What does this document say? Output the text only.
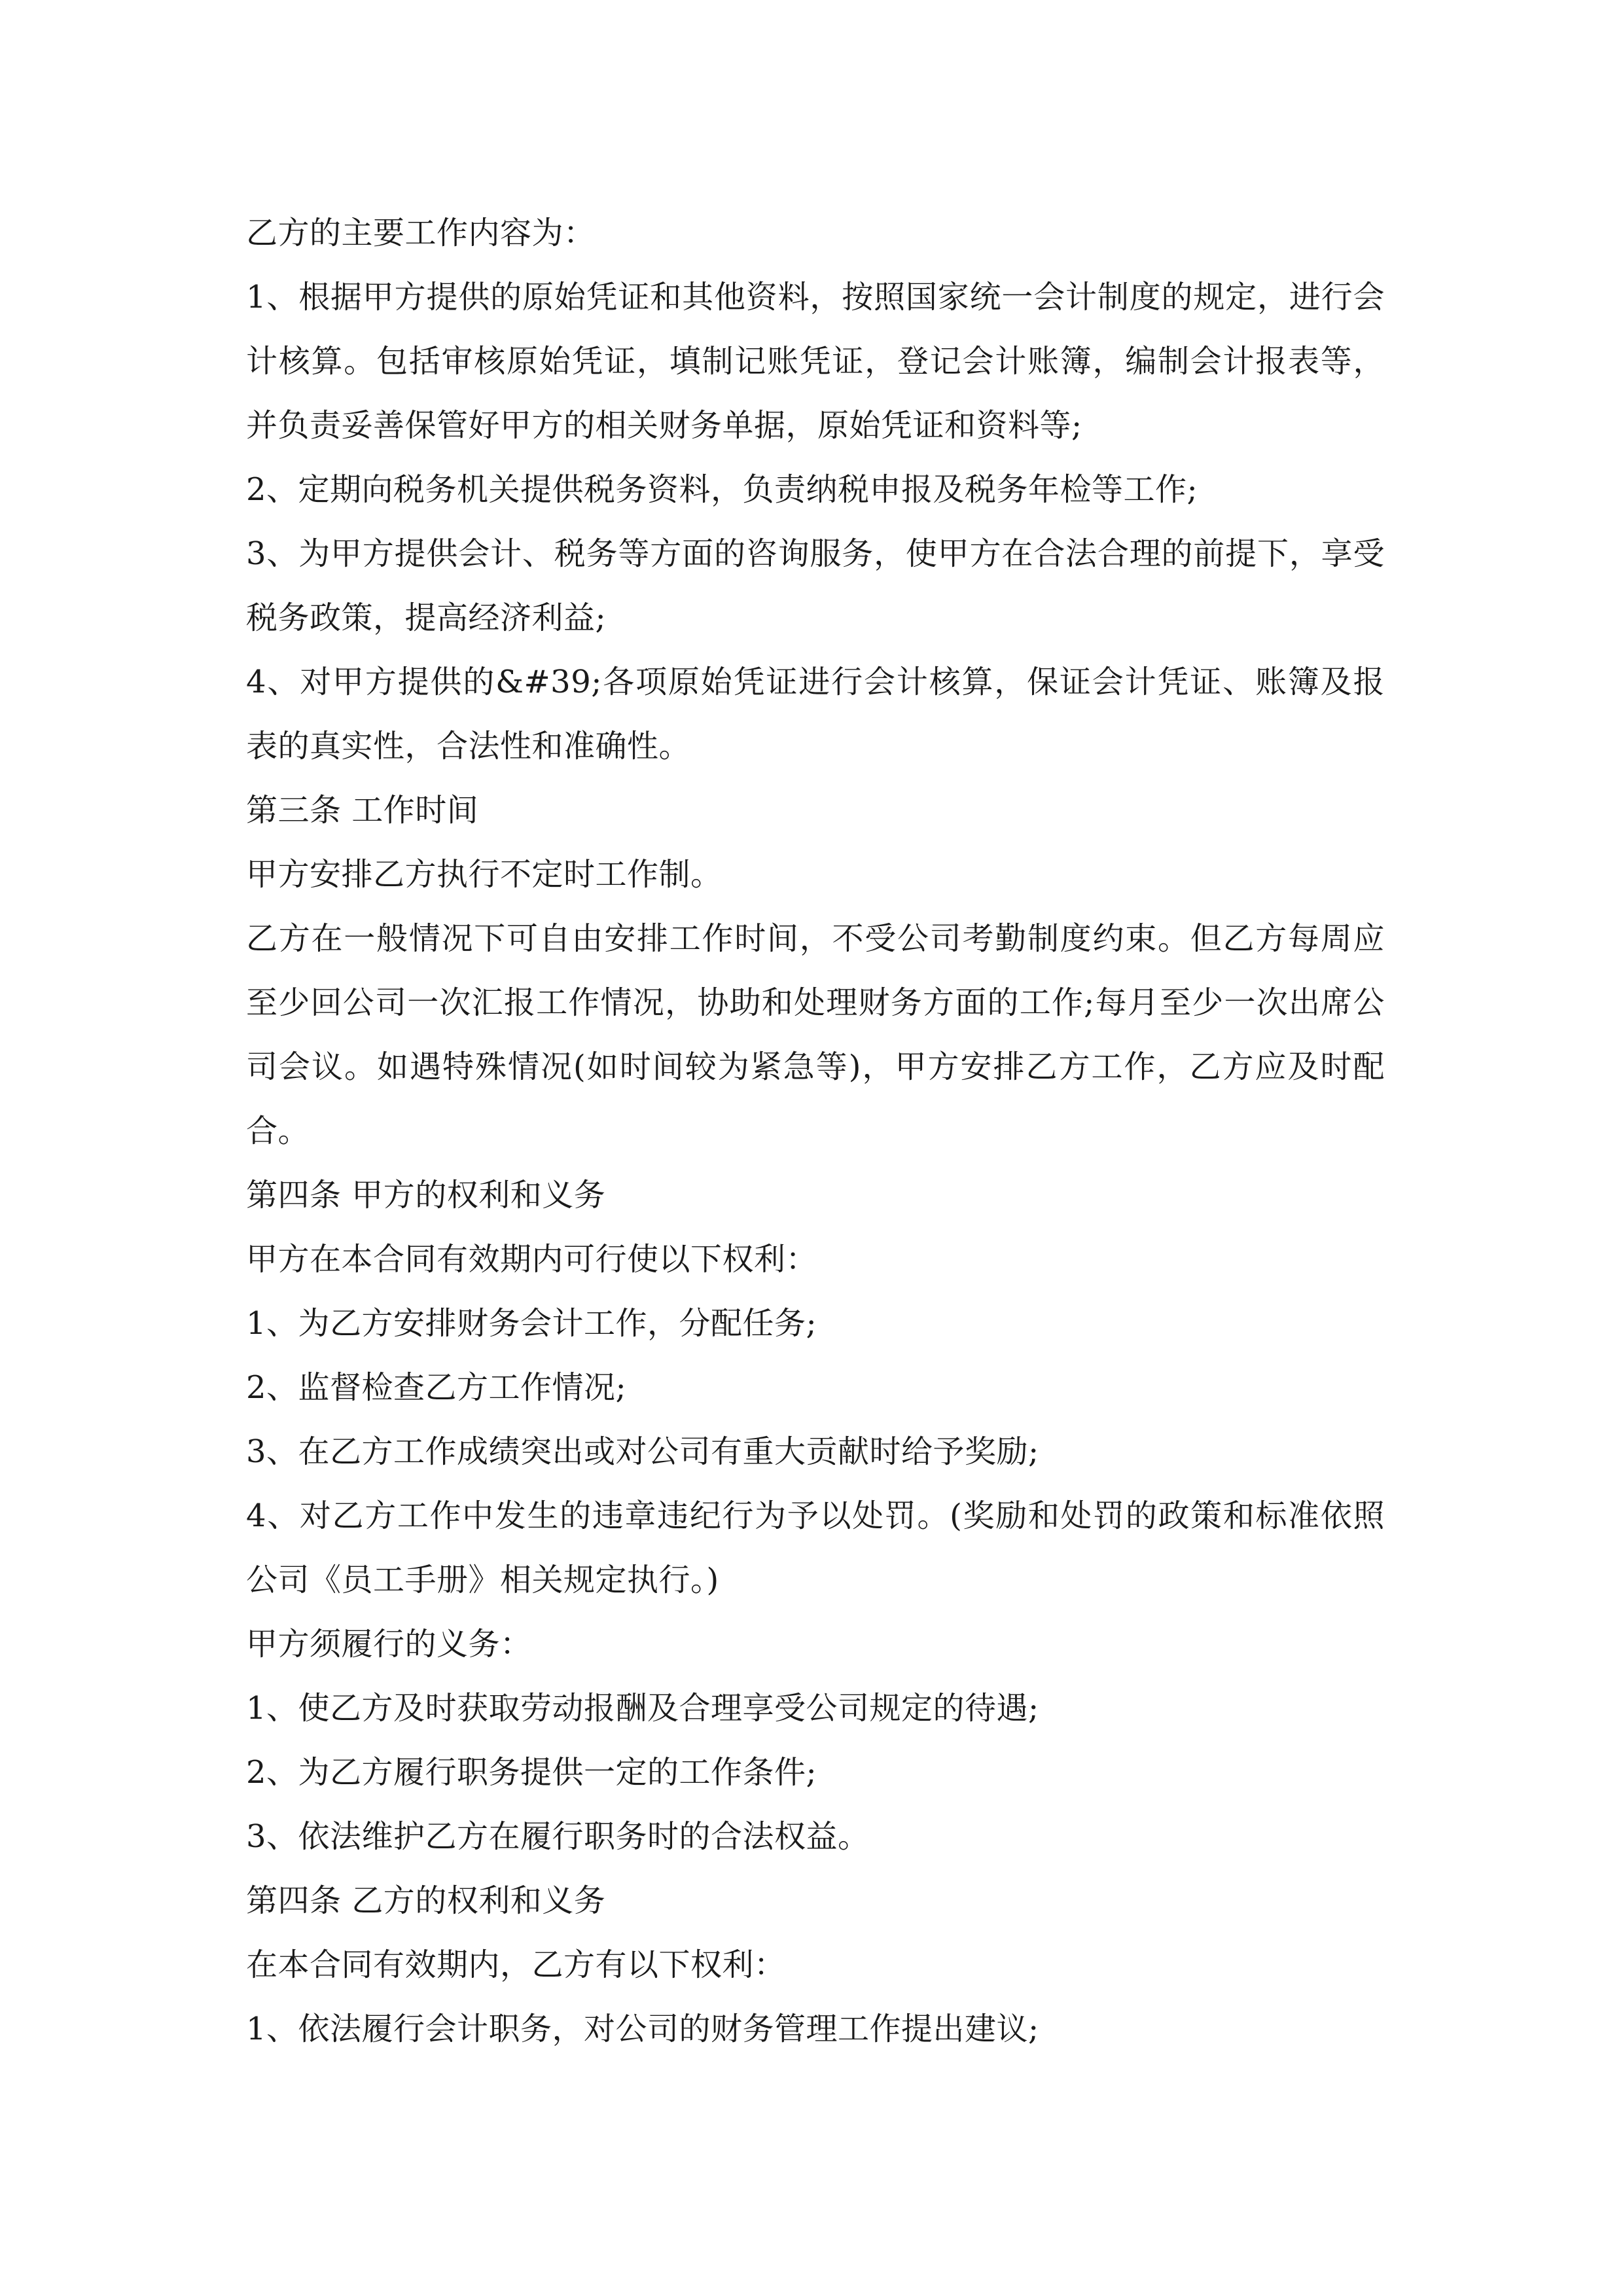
乙方的主要工作内容为：

1、根据甲方提供的原始凭证和其他资料，按照国家统一会计制度的规定，进行会计核算。包括审核原始凭证，填制记账凭证，登记会计账簿，编制会计报表等，并负责妥善保管好甲方的相关财务单据，原始凭证和资料等;

2、定期向税务机关提供税务资料，负责纳税申报及税务年检等工作;

3、为甲方提供会计、税务等方面的咨询服务，使甲方在合法合理的前提下，享受税务政策，提高经济利益;

4、对甲方提供的&#39;各项原始凭证进行会计核算，保证会计凭证、账簿及报表的真实性，合法性和准确性。

第三条 工作时间

甲方安排乙方执行不定时工作制。

乙方在一般情况下可自由安排工作时间，不受公司考勤制度约束。但乙方每周应至少回公司一次汇报工作情况，协助和处理财务方面的工作;每月至少一次出席公司会议。如遇特殊情况(如时间较为紧急等)，甲方安排乙方工作，乙方应及时配合。

第四条 甲方的权利和义务

甲方在本合同有效期内可行使以下权利：

1、为乙方安排财务会计工作，分配任务;

2、监督检查乙方工作情况;

3、在乙方工作成绩突出或对公司有重大贡献时给予奖励;

4、对乙方工作中发生的违章违纪行为予以处罚。(奖励和处罚的政策和标准依照公司《员工手册》相关规定执行。)

甲方须履行的义务：

1、使乙方及时获取劳动报酬及合理享受公司规定的待遇;

2、为乙方履行职务提供一定的工作条件;

3、依法维护乙方在履行职务时的合法权益。

第四条 乙方的权利和义务

在本合同有效期内，乙方有以下权利：

1、依法履行会计职务，对公司的财务管理工作提出建议;
